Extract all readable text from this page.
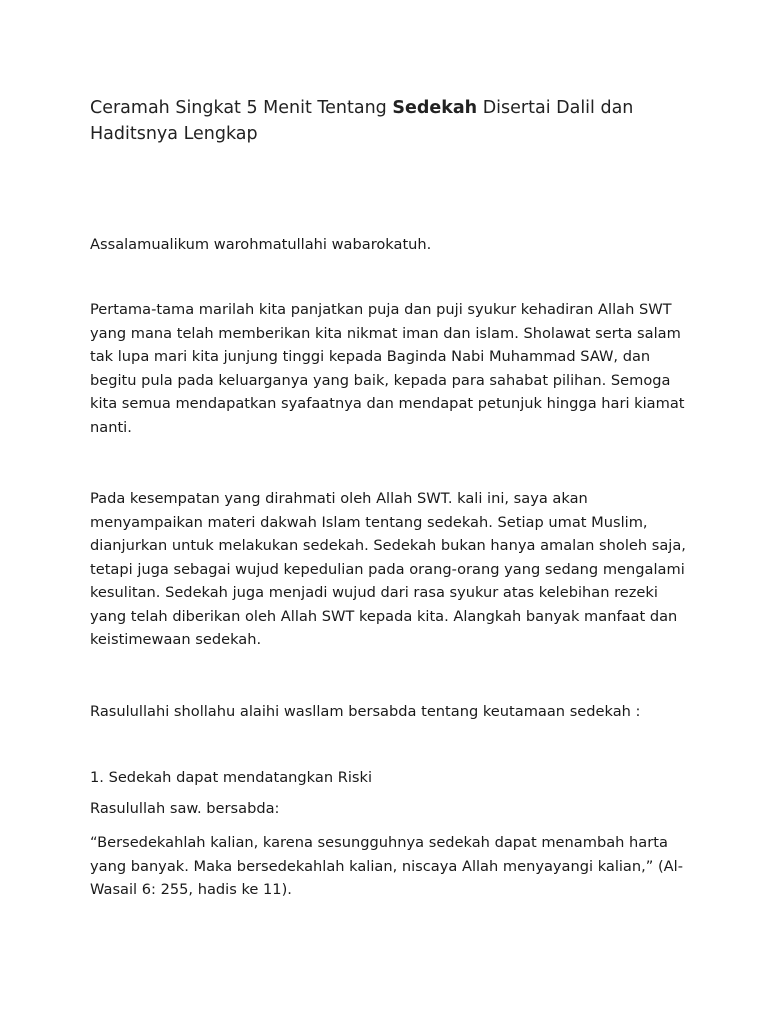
Ceramah Singkat 5 Menit Tentang Sedekah Disertai Dalil dan Haditsnya Lengkap

Assalamualikum warohmatullahi wabarokatuh.

Pertama-tama marilah kita panjatkan puja dan puji syukur kehadiran Allah SWT yang mana telah memberikan kita nikmat iman dan islam. Sholawat serta salam tak lupa mari kita junjung tinggi kepada Baginda Nabi Muhammad SAW, dan begitu pula pada keluarganya yang baik, kepada para sahabat pilihan. Semoga kita semua mendapatkan syafaatnya dan mendapat petunjuk hingga hari kiamat nanti.

Pada kesempatan yang dirahmati oleh Allah SWT. kali ini, saya akan menyampaikan materi dakwah Islam tentang sedekah. Setiap umat Muslim, dianjurkan untuk melakukan sedekah. Sedekah bukan hanya amalan sholeh saja, tetapi juga sebagai wujud kepedulian pada orang-orang yang sedang mengalami kesulitan. Sedekah juga menjadi wujud dari rasa syukur atas kelebihan rezeki yang telah diberikan oleh Allah SWT kepada kita. Alangkah banyak manfaat dan keistimewaan sedekah.

Rasulullahi shollahu alaihi wasllam bersabda tentang keutamaan sedekah :

1. Sedekah dapat mendatangkan Riski

Rasulullah saw. bersabda:

“Bersedekahlah kalian, karena sesungguhnya sedekah dapat menambah harta yang banyak. Maka bersedekahlah kalian, niscaya Allah menyayangi kalian,” (Al-Wasail 6: 255, hadis ke 11).
